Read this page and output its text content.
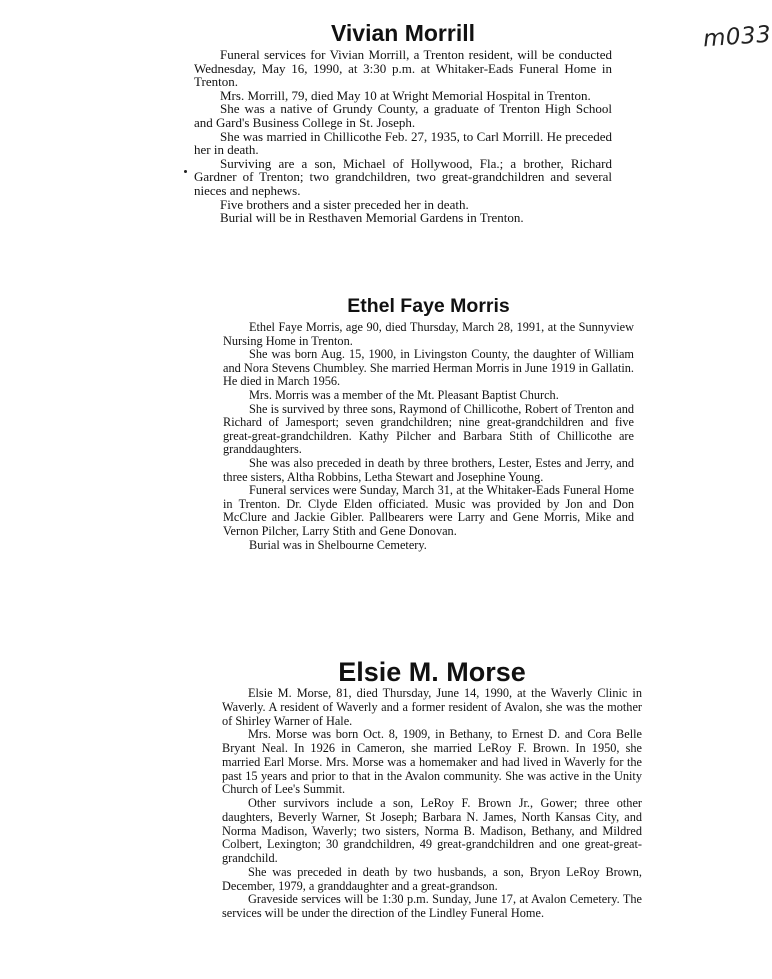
m033
Vivian Morrill

Funeral services for Vivian Morrill, a Trenton resident, will be conducted Wednesday, May 16, 1990, at 3:30 p.m. at Whitaker-Eads Funeral Home in Trenton.

Mrs. Morrill, 79, died May 10 at Wright Memorial Hospital in Trenton.

She was a native of Grundy County, a graduate of Trenton High School and Gard's Business College in St. Joseph.

She was married in Chillicothe Feb. 27, 1935, to Carl Morrill. He preceded her in death.

Surviving are a son, Michael of Hollywood, Fla.; a brother, Richard Gardner of Trenton; two grandchildren, two great-grandchildren and several nieces and nephews.

Five brothers and a sister preceded her in death.

Burial will be in Resthaven Memorial Gardens in Trenton.

Ethel Faye Morris

Ethel Faye Morris, age 90, died Thursday, March 28, 1991, at the Sunnyview Nursing Home in Trenton.

She was born Aug. 15, 1900, in Livingston County, the daughter of William and Nora Stevens Chumbley. She married Herman Morris in June 1919 in Gallatin. He died in March 1956.

Mrs. Morris was a member of the Mt. Pleasant Baptist Church.

She is survived by three sons, Raymond of Chillicothe, Robert of Trenton and Richard of Jamesport; seven grandchildren; nine great-grandchildren and five great-great-grandchildren. Kathy Pilcher and Barbara Stith of Chillicothe are granddaughters.

She was also preceded in death by three brothers, Lester, Estes and Jerry, and three sisters, Altha Robbins, Letha Stewart and Josephine Young.

Funeral services were Sunday, March 31, at the Whitaker-Eads Funeral Home in Trenton. Dr. Clyde Elden officiated. Music was provided by Jon and Don McClure and Jackie Gibler. Pallbearers were Larry and Gene Morris, Mike and Vernon Pilcher, Larry Stith and Gene Donovan.

Burial was in Shelbourne Cemetery.

Elsie M. Morse

Elsie M. Morse, 81, died Thursday, June 14, 1990, at the Waverly Clinic in Waverly. A resident of Waverly and a former resident of Avalon, she was the mother of Shirley Warner of Hale.

Mrs. Morse was born Oct. 8, 1909, in Bethany, to Ernest D. and Cora Belle Bryant Neal. In 1926 in Cameron, she married LeRoy F. Brown. In 1950, she married Earl Morse. Mrs. Morse was a homemaker and had lived in Waverly for the past 15 years and prior to that in the Avalon community. She was active in the Unity Church of Lee's Summit.

Other survivors include a son, LeRoy F. Brown Jr., Gower; three other daughters, Beverly Warner, St Joseph; Barbara N. James, North Kansas City, and Norma Madison, Waverly; two sisters, Norma B. Madison, Bethany, and Mildred Colbert, Lexington; 30 grandchildren, 49 great-grandchildren and one great-great-grandchild.

She was preceded in death by two husbands, a son, Bryon LeRoy Brown, December, 1979, a granddaughter and a great-grandson.

Graveside services will be 1:30 p.m. Sunday, June 17, at Avalon Cemetery. The services will be under the direction of the Lindley Funeral Home.
